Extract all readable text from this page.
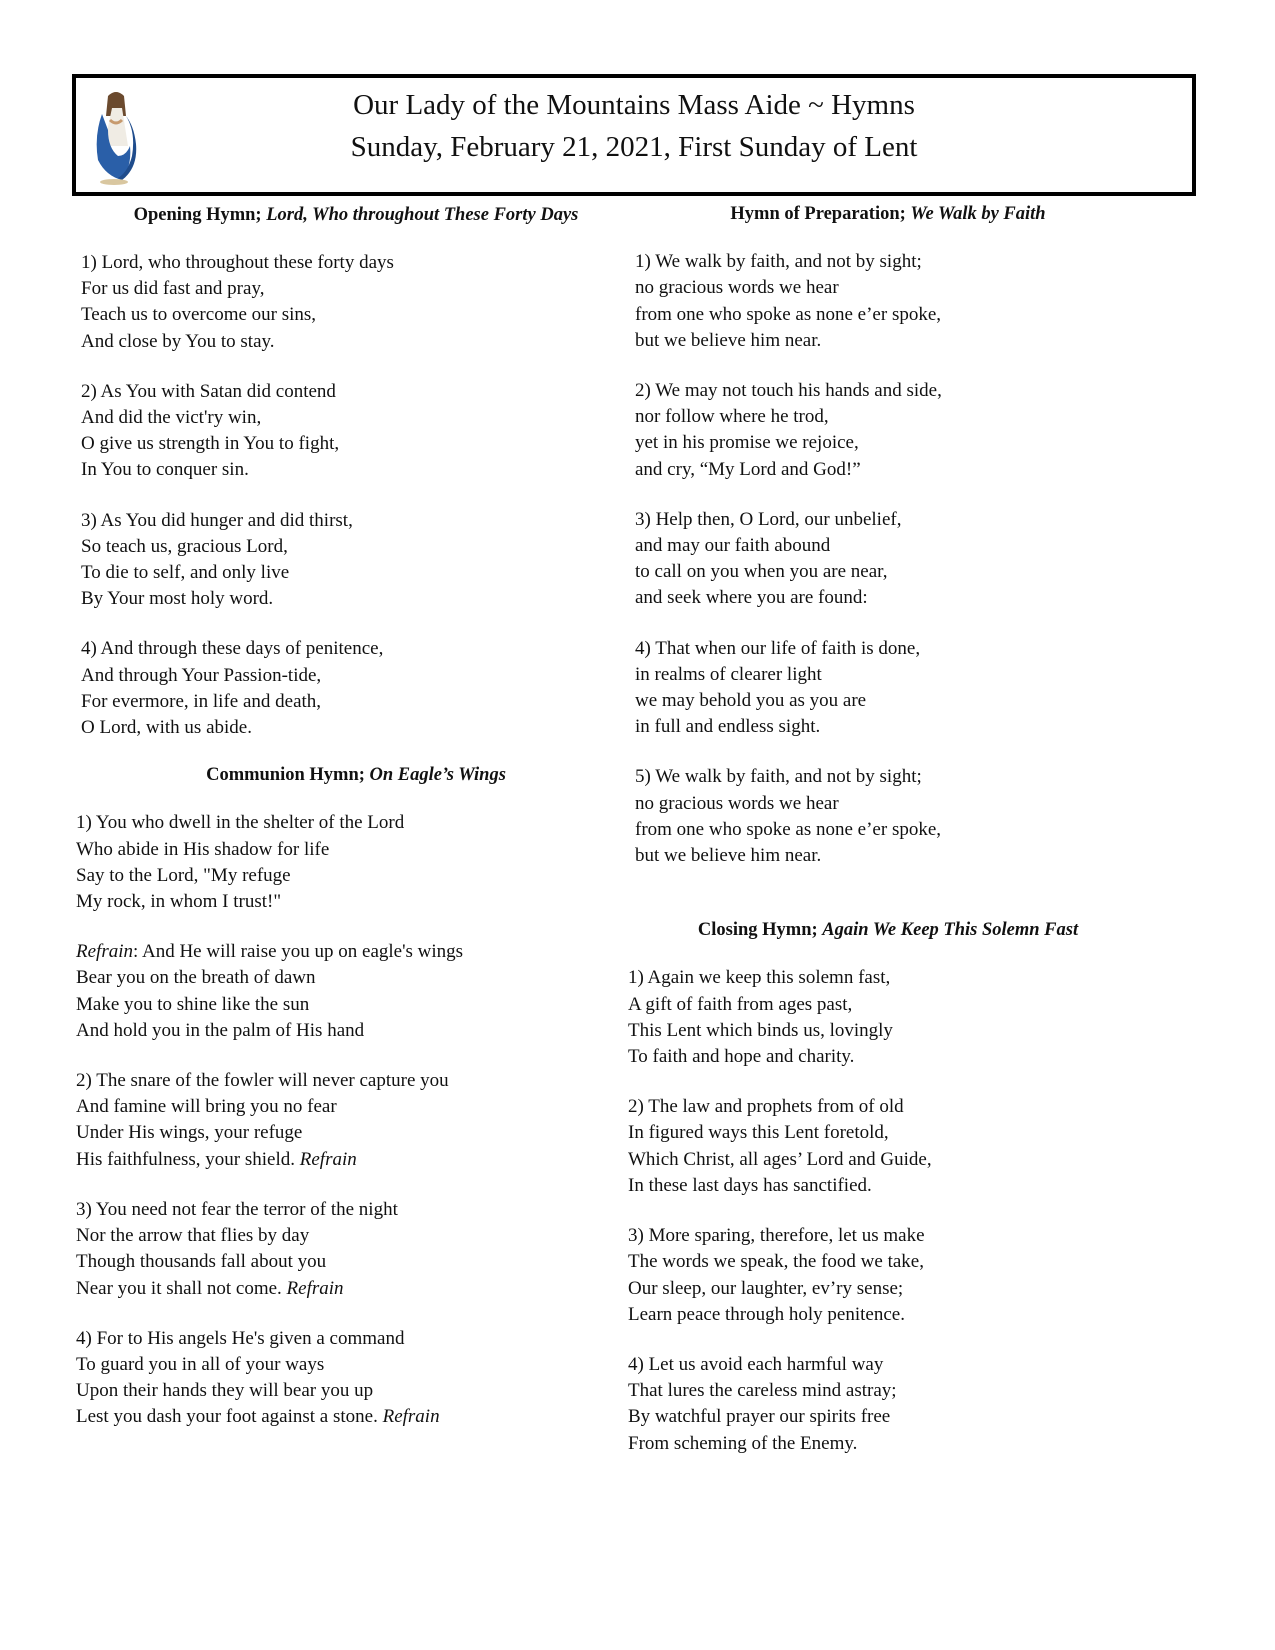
Our Lady of the Mountains Mass Aide ~ Hymns
Sunday, February 21, 2021, First Sunday of Lent

Opening Hymn; Lord, Who throughout These Forty Days

1) Lord, who throughout these forty days
For us did fast and pray,
Teach us to overcome our sins,
And close by You to stay.
2) As You with Satan did contend
And did the vict'ry win,
O give us strength in You to fight,
In You to conquer sin.
3) As You did hunger and did thirst,
So teach us, gracious Lord,
To die to self, and only live
By Your most holy word.
4) And through these days of penitence,
And through Your Passion-tide,
For evermore, in life and death,
O Lord, with us abide.

Communion Hymn; On Eagle’s Wings

1) You who dwell in the shelter of the Lord
Who abide in His shadow for life
Say to the Lord, "My refuge
My rock, in whom I trust!"
Refrain: And He will raise you up on eagle's wings
Bear you on the breath of dawn
Make you to shine like the sun
And hold you in the palm of His hand
2) The snare of the fowler will never capture you
And famine will bring you no fear
Under His wings, your refuge
His faithfulness, your shield. Refrain
3) You need not fear the terror of the night
Nor the arrow that flies by day
Though thousands fall about you
Near you it shall not come. Refrain
4) For to His angels He's given a command
To guard you in all of your ways
Upon their hands they will bear you up
Lest you dash your foot against a stone. Refrain

Hymn of Preparation; We Walk by Faith

1) We walk by faith, and not by sight;
no gracious words we hear
from one who spoke as none e’er spoke,
but we believe him near.
2) We may not touch his hands and side,
nor follow where he trod,
yet in his promise we rejoice,
and cry, “My Lord and God!”
3) Help then, O Lord, our unbelief,
and may our faith abound
to call on you when you are near,
and seek where you are found:
4) That when our life of faith is done,
in realms of clearer light
we may behold you as you are
in full and endless sight.
5) We walk by faith, and not by sight;
no gracious words we hear
from one who spoke as none e’er spoke,
but we believe him near.

Closing Hymn; Again We Keep This Solemn Fast

1) Again we keep this solemn fast,
A gift of faith from ages past,
This Lent which binds us, lovingly
To faith and hope and charity.
2) The law and prophets from of old
In figured ways this Lent foretold,
Which Christ, all ages’ Lord and Guide,
In these last days has sanctified.
3) More sparing, therefore, let us make
The words we speak, the food we take,
Our sleep, our laughter, ev’ry sense;
Learn peace through holy penitence.
4) Let us avoid each harmful way
That lures the careless mind astray;
By watchful prayer our spirits free
From scheming of the Enemy.
